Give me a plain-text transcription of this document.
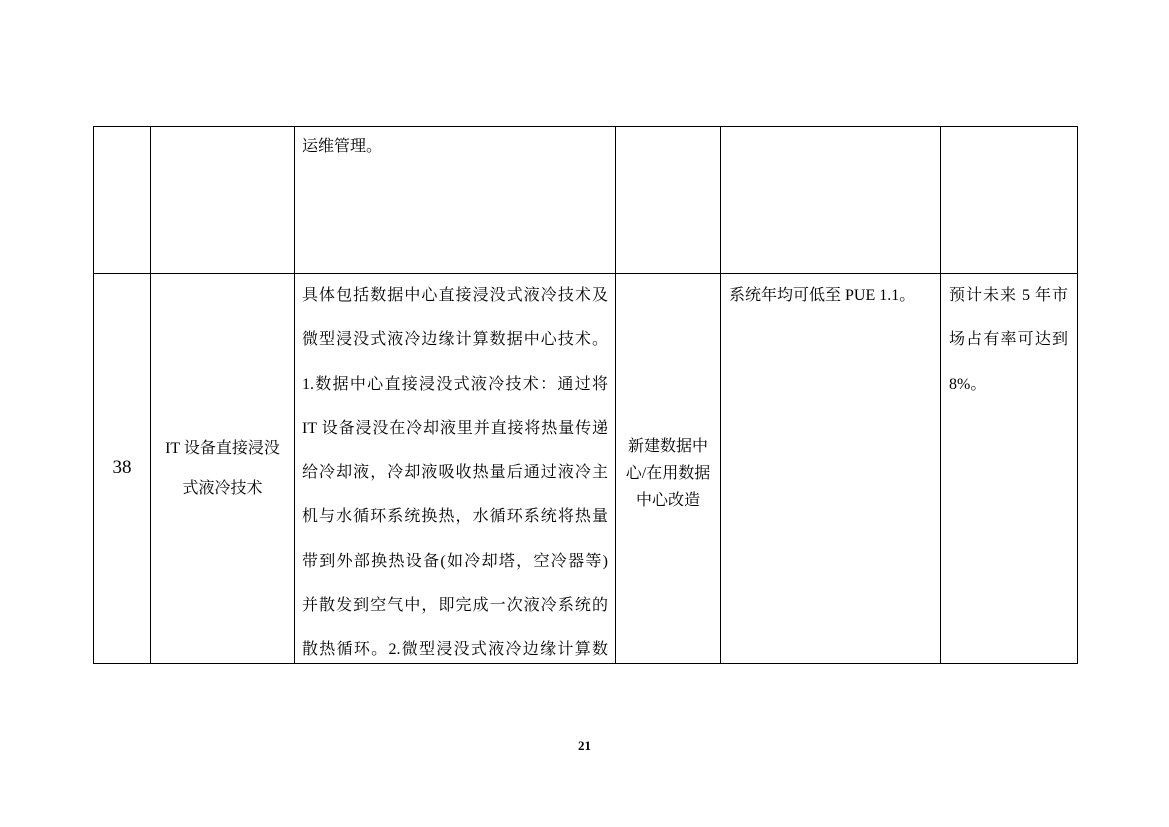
运维管理。
38
IT 设备直接浸没
式液冷技术
具体包括数据中心直接浸没式液冷技术及
微型浸没式液冷边缘计算数据中心技术。
1.数据中心直接浸没式液冷技术：通过将
IT 设备浸没在冷却液里并直接将热量传递
给冷却液，冷却液吸收热量后通过液冷主
机与水循环系统换热，水循环系统将热量
带到外部换热设备(如冷却塔，空冷器等)
并散发到空气中，即完成一次液冷系统的
散热循环。2.微型浸没式液冷边缘计算数
新建数据中
心/在用数据
中心改造
系统年均可低至 PUE 1.1。	预计未来 5 年市
场占有率可达到
8%。
21
